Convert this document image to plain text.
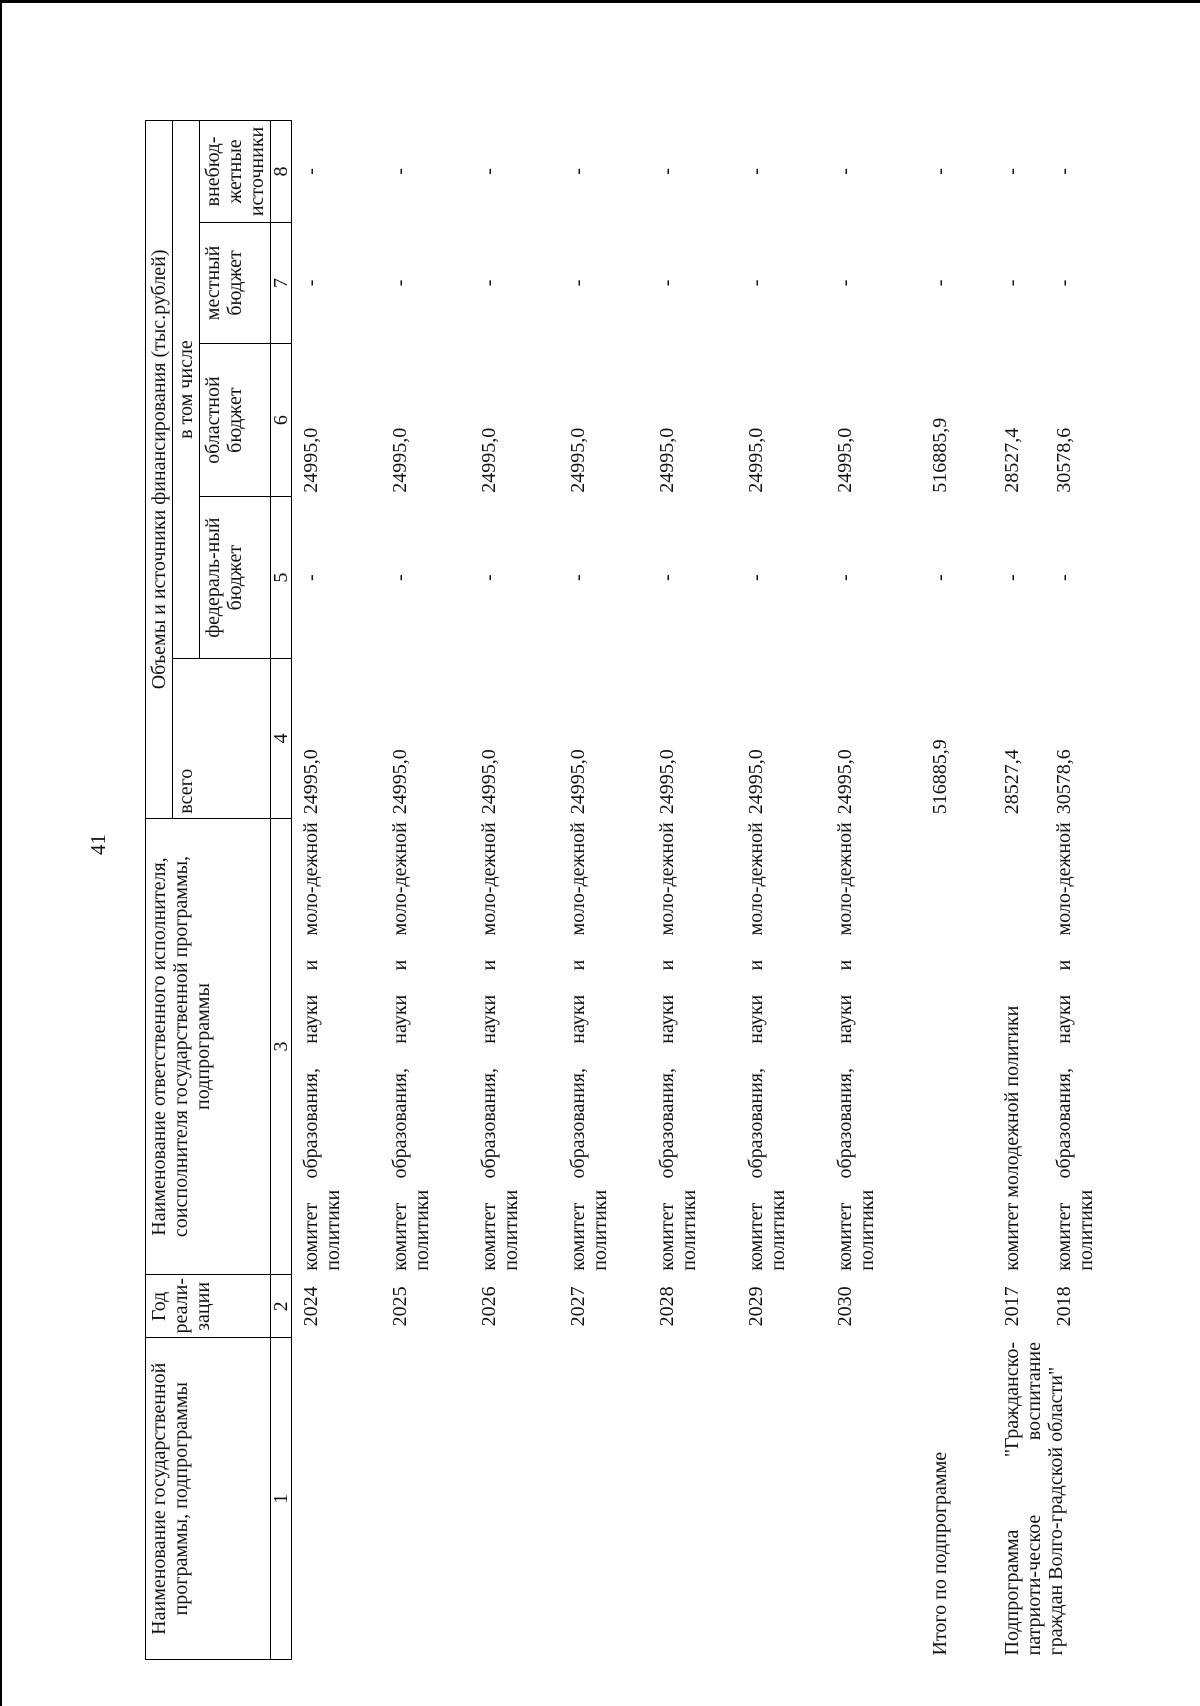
41
Наименование государственной программы, подпрограммы	Год реали-зации	Наименование ответственного исполнителя, соисполнителя государственной программы, подпрограммы	Объемы и источники финансирования (тыс.рублей)				
			всего	в том числе			
				федераль-ный бюджет	областной бюджет	местный бюджет	внебюд-жетные источники
1	2	3	4	5	6	7	8
	2024	комитет образования, науки и моло-дежной политики	24995,0	-	24995,0	-	-
	2025	комитет образования, науки и моло-дежной политики	24995,0	-	24995,0	-	-
	2026	комитет образования, науки и моло-дежной политики	24995,0	-	24995,0	-	-
	2027	комитет образования, науки и моло-дежной политики	24995,0	-	24995,0	-	-
	2028	комитет образования, науки и моло-дежной политики	24995,0	-	24995,0	-	-
	2029	комитет образования, науки и моло-дежной политики	24995,0	-	24995,0	-	-
	2030	комитет образования, науки и моло-дежной политики	24995,0	-	24995,0	-	-
Итого по подпрограмме			516885,9	-	516885,9	-	-
Подпрограмма "Гражданско-патриоти-ческое воспитание граждан Волго-градской области"	2017	комитет молодежной политики	28527,4	-	28527,4	-	-
	2018	комитет образования, науки и моло-дежной политики	30578,6	-	30578,6	-	-
